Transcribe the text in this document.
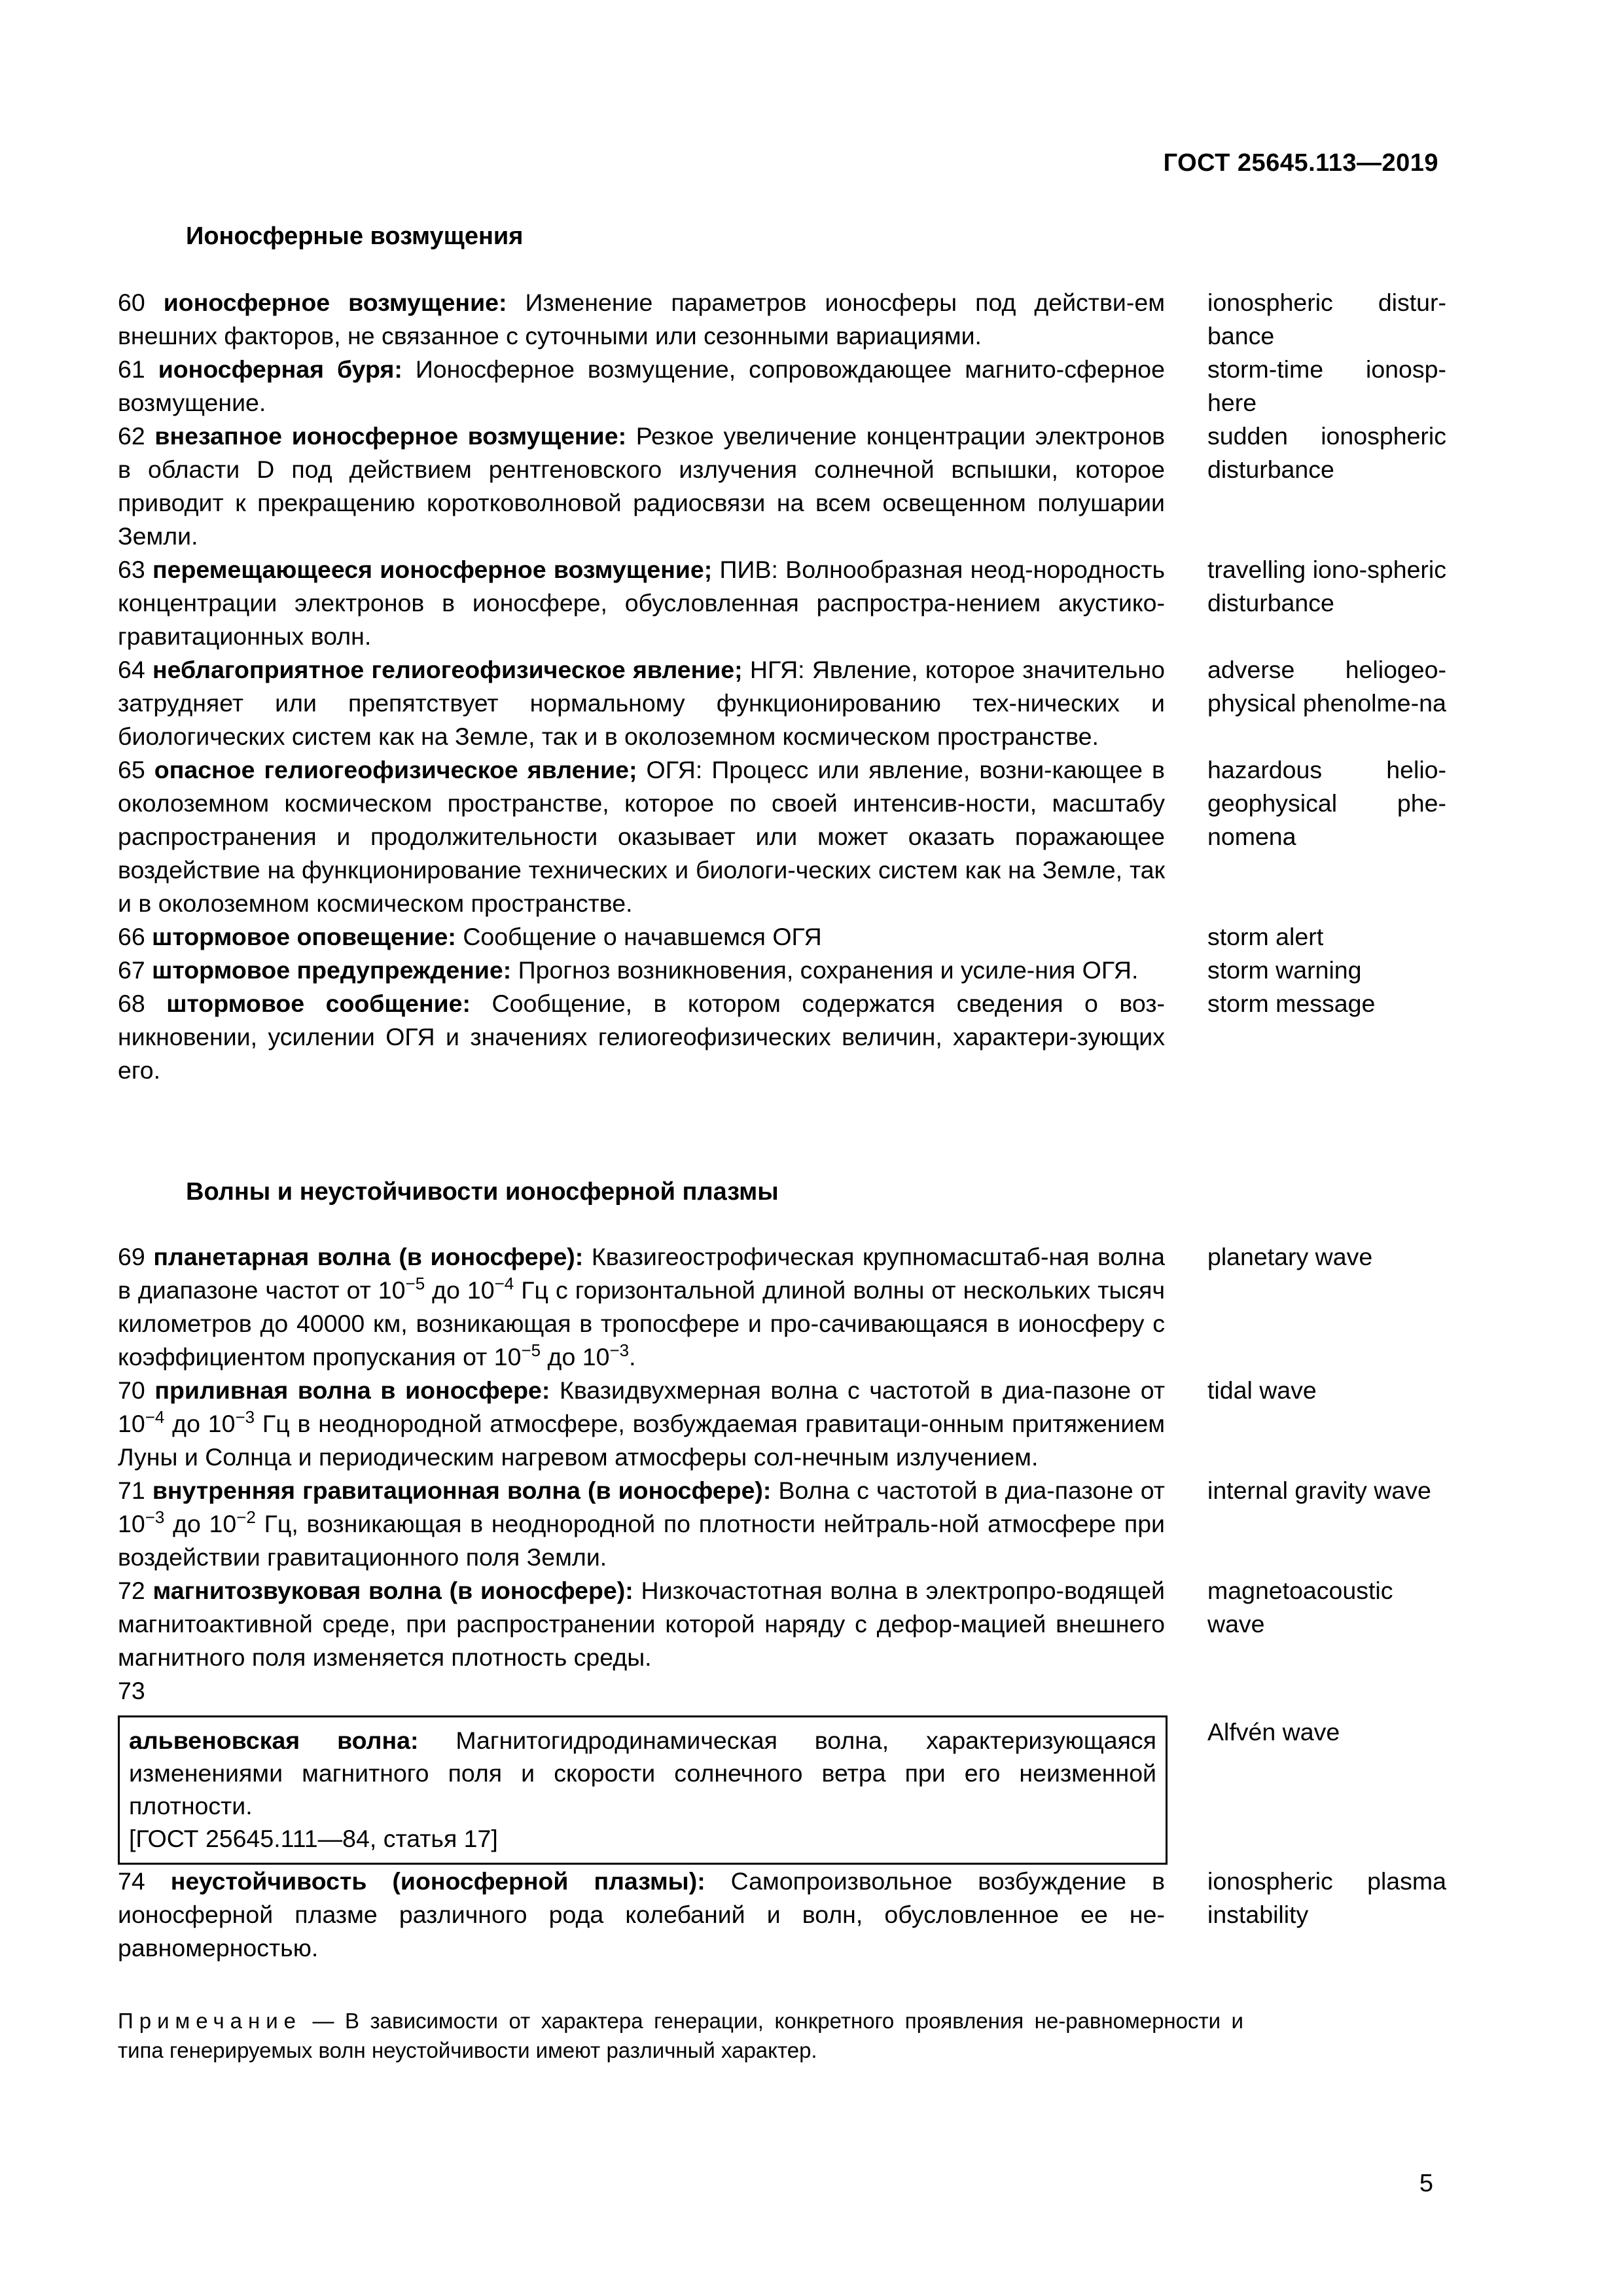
ГОСТ 25645.113—2019
Ионосферные возмущения
60 ионосферное возмущение: Изменение параметров ионосферы под действи-​ем внешних факторов, не связанное с суточными или сезонными вариациями.
ionospheric distur-bance
61 ионосферная буря: Ионосферное возмущение, сопровождающее магнито-​сферное возмущение.
storm-time ionosp-here
62 внезапное ионосферное возмущение: Резкое увеличение концентрации электронов в области D под действием рентгеновского излучения солнечной вспышки, которое приводит к прекращению коротковолновой радиосвязи на всем освещенном полушарии Земли.
sudden ionospheric disturbance
63 перемещающееся ионосферное возмущение; ПИВ: Волнообразная неод-​нородность концентрации электронов в ионосфере, обусловленная распростра-​нением акустико-гравитационных волн.
travelling iono-spheric disturbance
64 неблагоприятное гелиогеофизическое явление; НГЯ: Явление, которое значительно затрудняет или препятствует нормальному функционированию тех-​нических и биологических систем как на Земле, так и в околоземном космическом пространстве.
adverse heliogeo-physical phenolme-na
65 опасное гелиогеофизическое явление; ОГЯ: Процесс или явление, возни-​кающее в околоземном космическом пространстве, которое по своей интенсив-​ности, масштабу распространения и продолжительности оказывает или может оказать поражающее воздействие на функционирование технических и биологи-​ческих систем как на Земле, так и в околоземном космическом пространстве.
hazardous helio-geophysical phe-nomena
66 штормовое оповещение: Сообщение о начавшемся ОГЯ	storm alert
67 штормовое предупреждение: Прогноз возникновения, сохранения и усиле-​ния ОГЯ.	storm warning
68 штормовое сообщение: Сообщение, в котором содержатся сведения о воз-​никновении, усилении ОГЯ и значениях гелиогеофизических величин, характери-​зующих его.
storm message
Волны и неустойчивости ионосферной плазмы
69 планетарная волна (в ионосфере): Квазигеострофическая крупномасштаб-​ная волна в диапазоне частот от $10^{-5}$ до $10^{-4}$ Гц с горизонтальной длиной волны от нескольких тысяч километров до 40000 км, возникающая в тропосфере и про-​сачивающаяся в ионосферу с коэффициентом пропускания от $10^{-5}$ до $10^{-3}$.
planetary wave
70 приливная волна в ионосфере: Квазидвухмерная волна с частотой в диа-​пазоне от $10^{-4}$ до $10^{-3}$ Гц в неоднородной атмосфере, возбуждаемая гравитаци-​онным притяжением Луны и Солнца и периодическим нагревом атмосферы сол-​нечным излучением.
tidal wave
71 внутренняя гравитационная волна (в ионосфере): Волна с частотой в диа-​пазоне от $10^{-3}$ до $10^{-2}$ Гц, возникающая в неоднородной по плотности нейтраль-​ной атмосфере при воздействии гравитационного поля Земли.
internal gravity wave
72 магнитозвуковая волна (в ионосфере): Низкочастотная волна в электропро-​водящей магнитоактивной среде, при распространении которой наряду с дефор-​мацией внешнего магнитного поля изменяется плотность среды.
magnetoacoustic wave
73
альвеновская волна: Магнитогидродинамическая волна, характеризующаяся изменениями магнитного поля и скорости солнечного ветра при его неизменной плотности.
[ГОСТ 25645.111—84, статья 17]
Alfvén wave
74 неустойчивость (ионосферной плазмы): Самопроизвольное возбуждение в ионосферной плазме различного рода колебаний и волн, обусловленное ее не-​равномерностью.
ionospheric plasma instability
Примечание — В зависимости от характера генерации, конкретного проявления не-​равномерности и типа генерируемых волн неустойчивости имеют различный характер.
5
